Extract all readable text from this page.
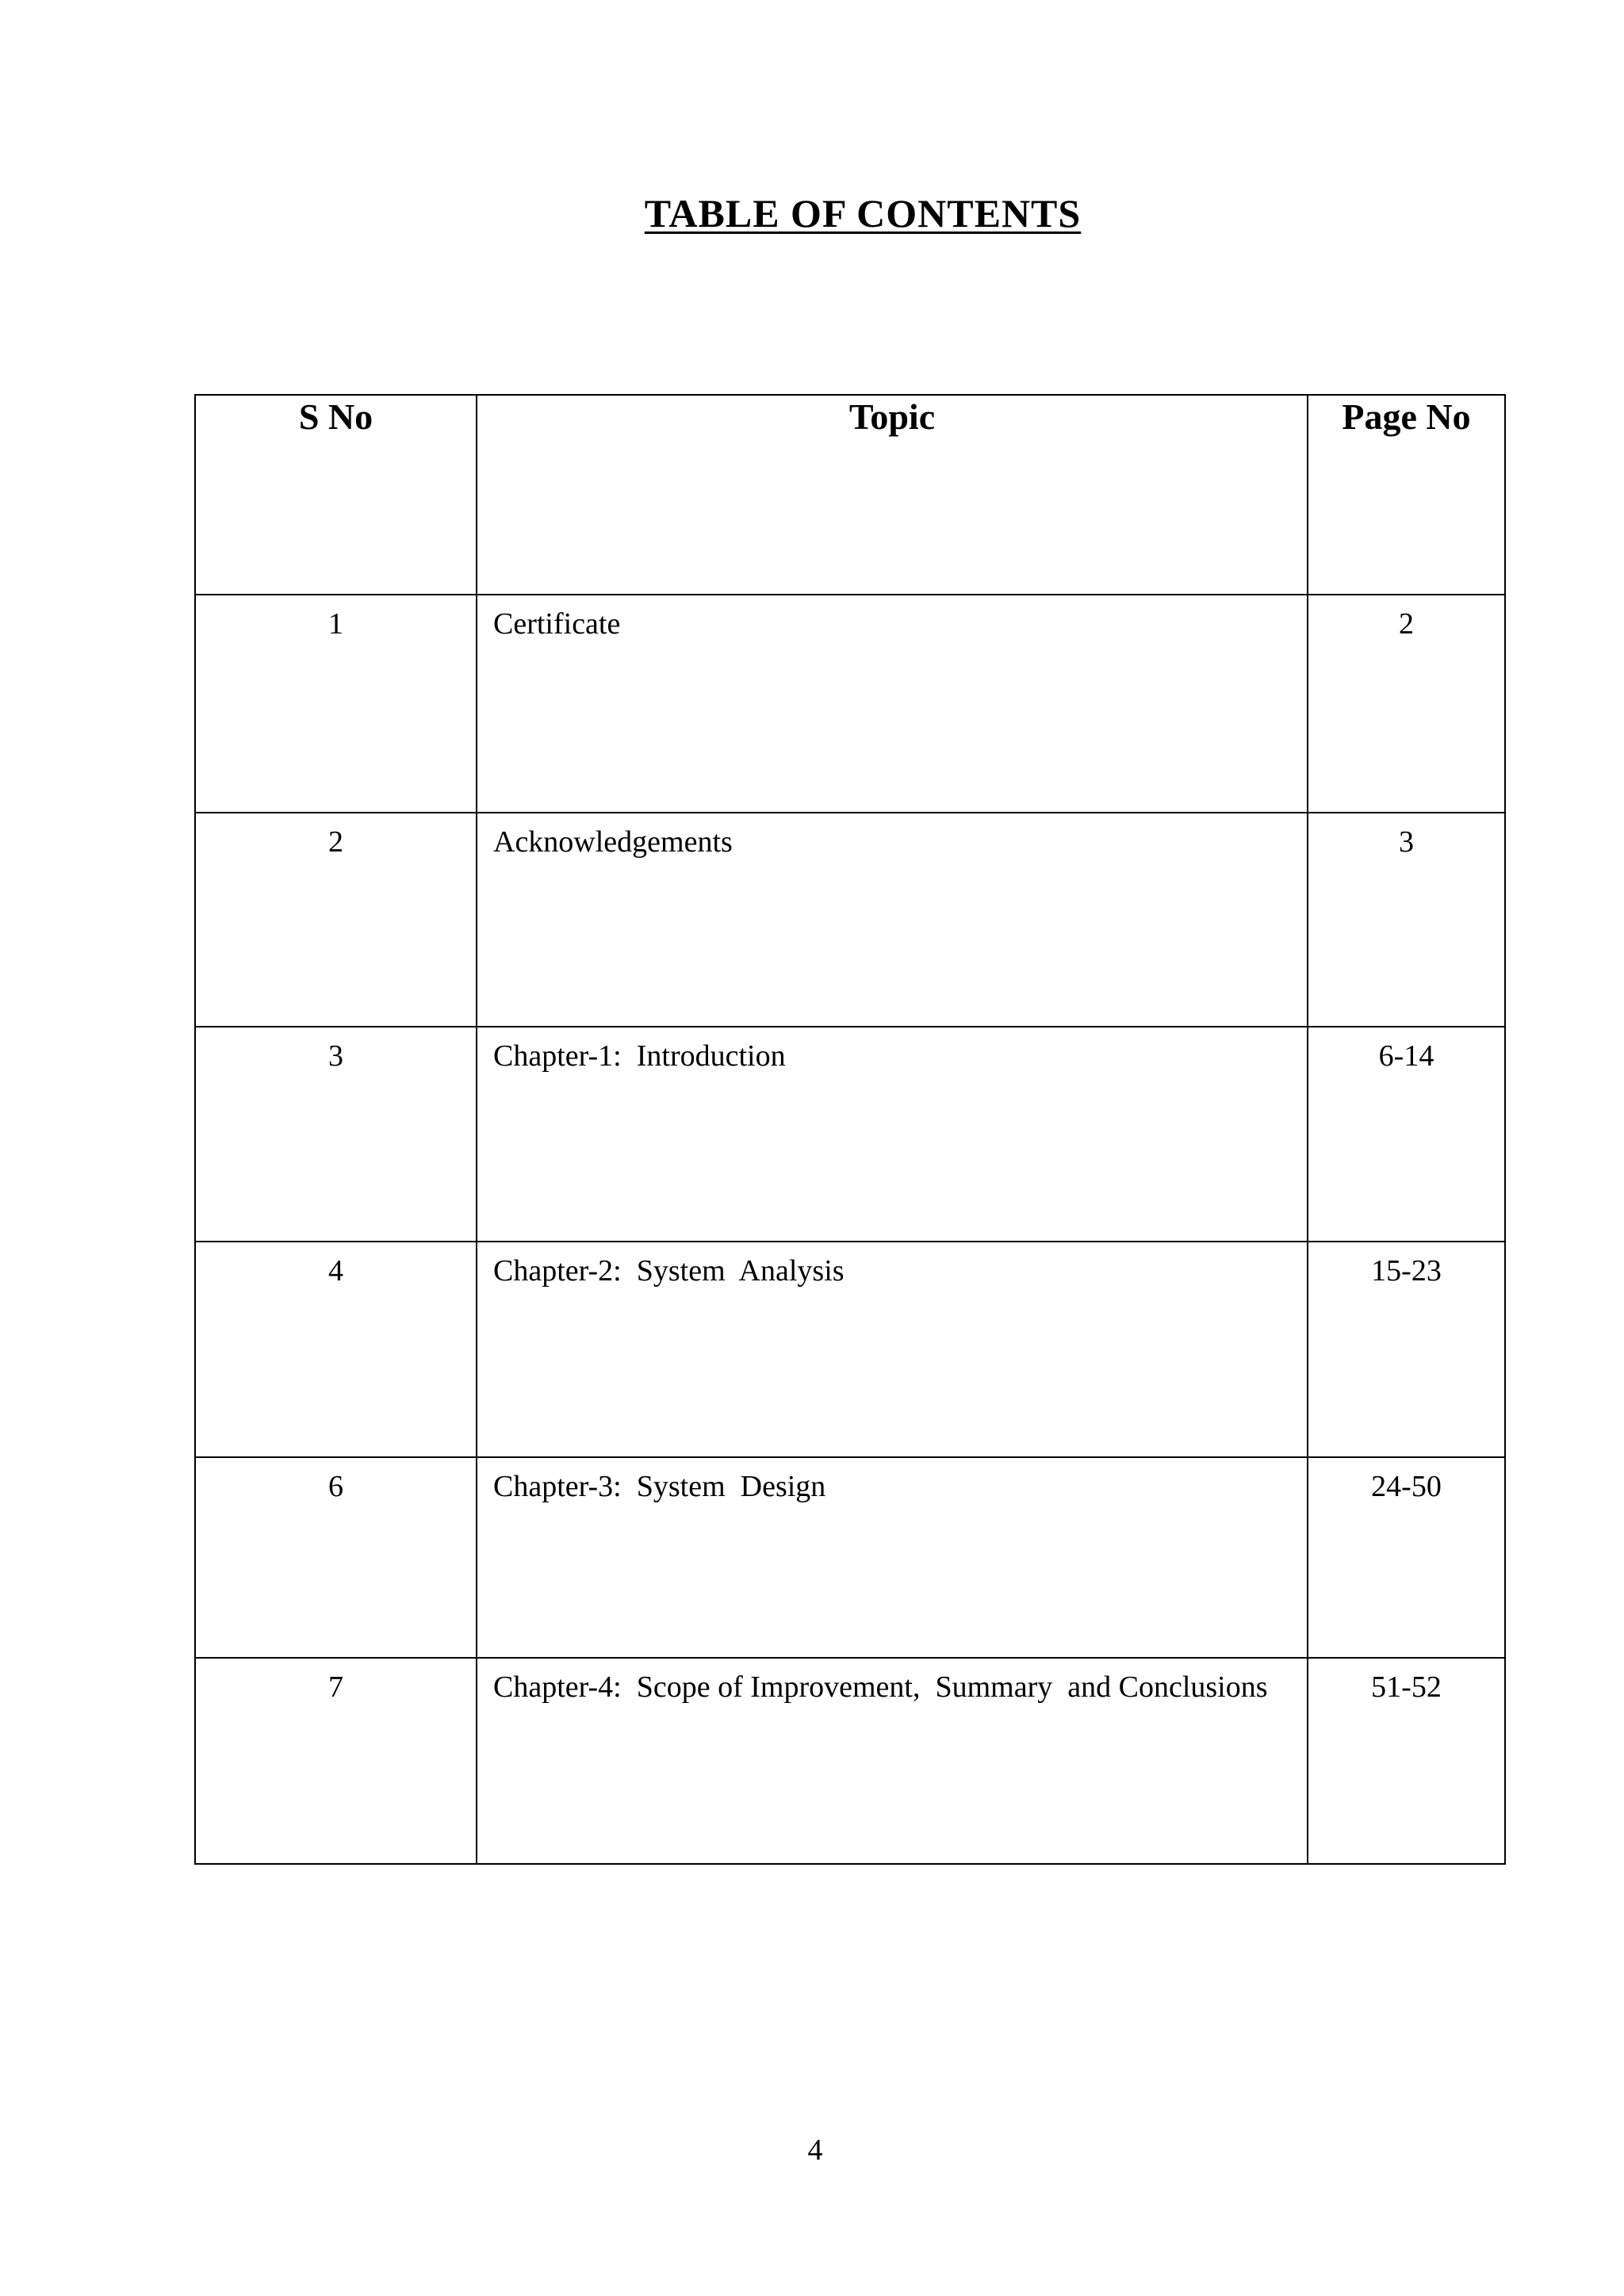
TABLE OF CONTENTS
S No	Topic	Page No
1	Certificate	2
2	Acknowledgements	3
3	Chapter-1:  Introduction	6-14
4	Chapter-2:  System  Analysis	15-23
6	Chapter-3:  System  Design	24-50
7	Chapter-4:  Scope of Improvement,  Summary  and Conclusions	51-52
4
